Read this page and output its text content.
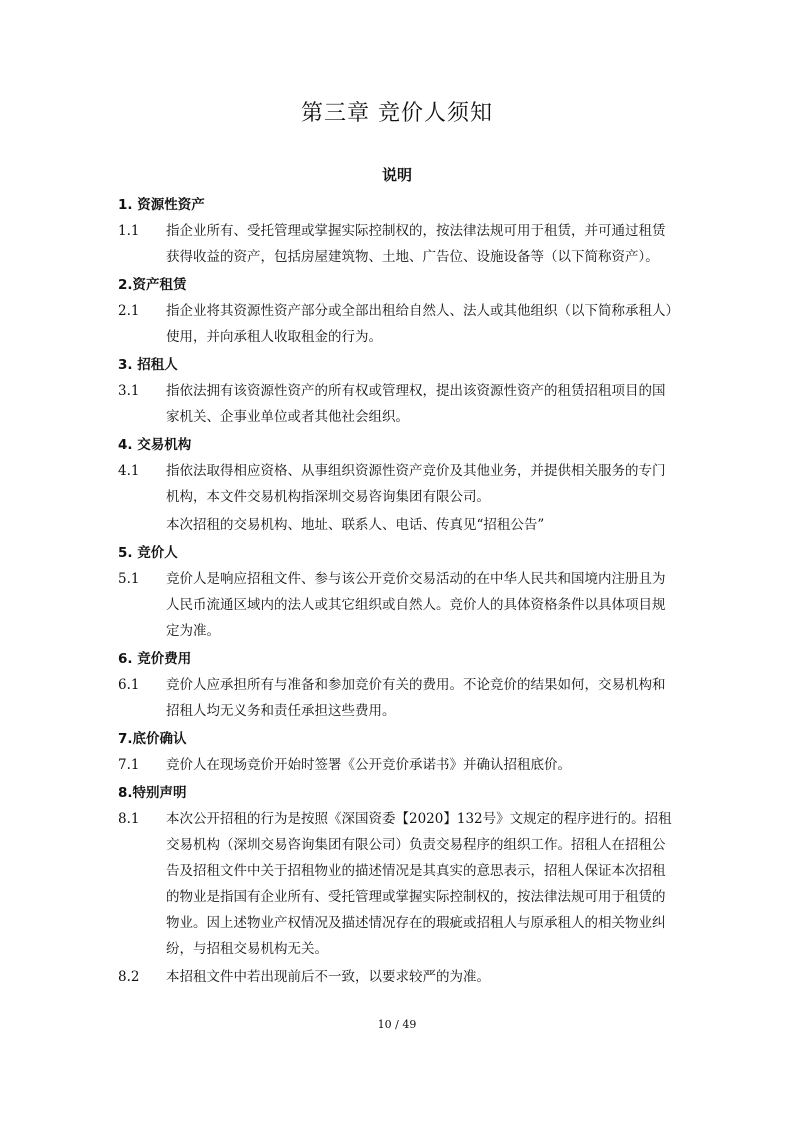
第三章 竞价人须知
说明
1. 资源性资产
1.1	指企业所有、受托管理或掌握实际控制权的，按法律法规可用于租赁，并可通过租赁获得收益的资产，包括房屋建筑物、土地、广告位、设施设备等（以下简称资产）。
2.资产租赁
2.1	指企业将其资源性资产部分或全部出租给自然人、法人或其他组织（以下简称承租人）使用，并向承租人收取租金的行为。
3. 招租人
3.1	指依法拥有该资源性资产的所有权或管理权，提出该资源性资产的租赁招租项目的国家机关、企事业单位或者其他社会组织。
4. 交易机构
4.1	指依法取得相应资格、从事组织资源性资产竞价及其他业务，并提供相关服务的专门机构，本文件交易机构指深圳交易咨询集团有限公司。
本次招租的交易机构、地址、联系人、电话、传真见“招租公告”
5. 竞价人
5.1	竞价人是响应招租文件、参与该公开竞价交易活动的在中华人民共和国境内注册且为人民币流通区域内的法人或其它组织或自然人。竞价人的具体资格条件以具体项目规定为准。
6. 竞价费用
6.1	竞价人应承担所有与准备和参加竞价有关的费用。不论竞价的结果如何，交易机构和招租人均无义务和责任承担这些费用。
7.底价确认
7.1	竞价人在现场竞价开始时签署《公开竞价承诺书》并确认招租底价。
8.特别声明
8.1	本次公开招租的行为是按照《深国资委【2020】132号》文规定的程序进行的。招租交易机构（深圳交易咨询集团有限公司）负责交易程序的组织工作。招租人在招租公告及招租文件中关于招租物业的描述情况是其真实的意思表示，招租人保证本次招租的物业是指国有企业所有、受托管理或掌握实际控制权的，按法律法规可用于租赁的物业。因上述物业产权情况及描述情况存在的瑕疵或招租人与原承租人的相关物业纠纷，与招租交易机构无关。
8.2	本招租文件中若出现前后不一致，以要求较严的为准。
10 / 49
